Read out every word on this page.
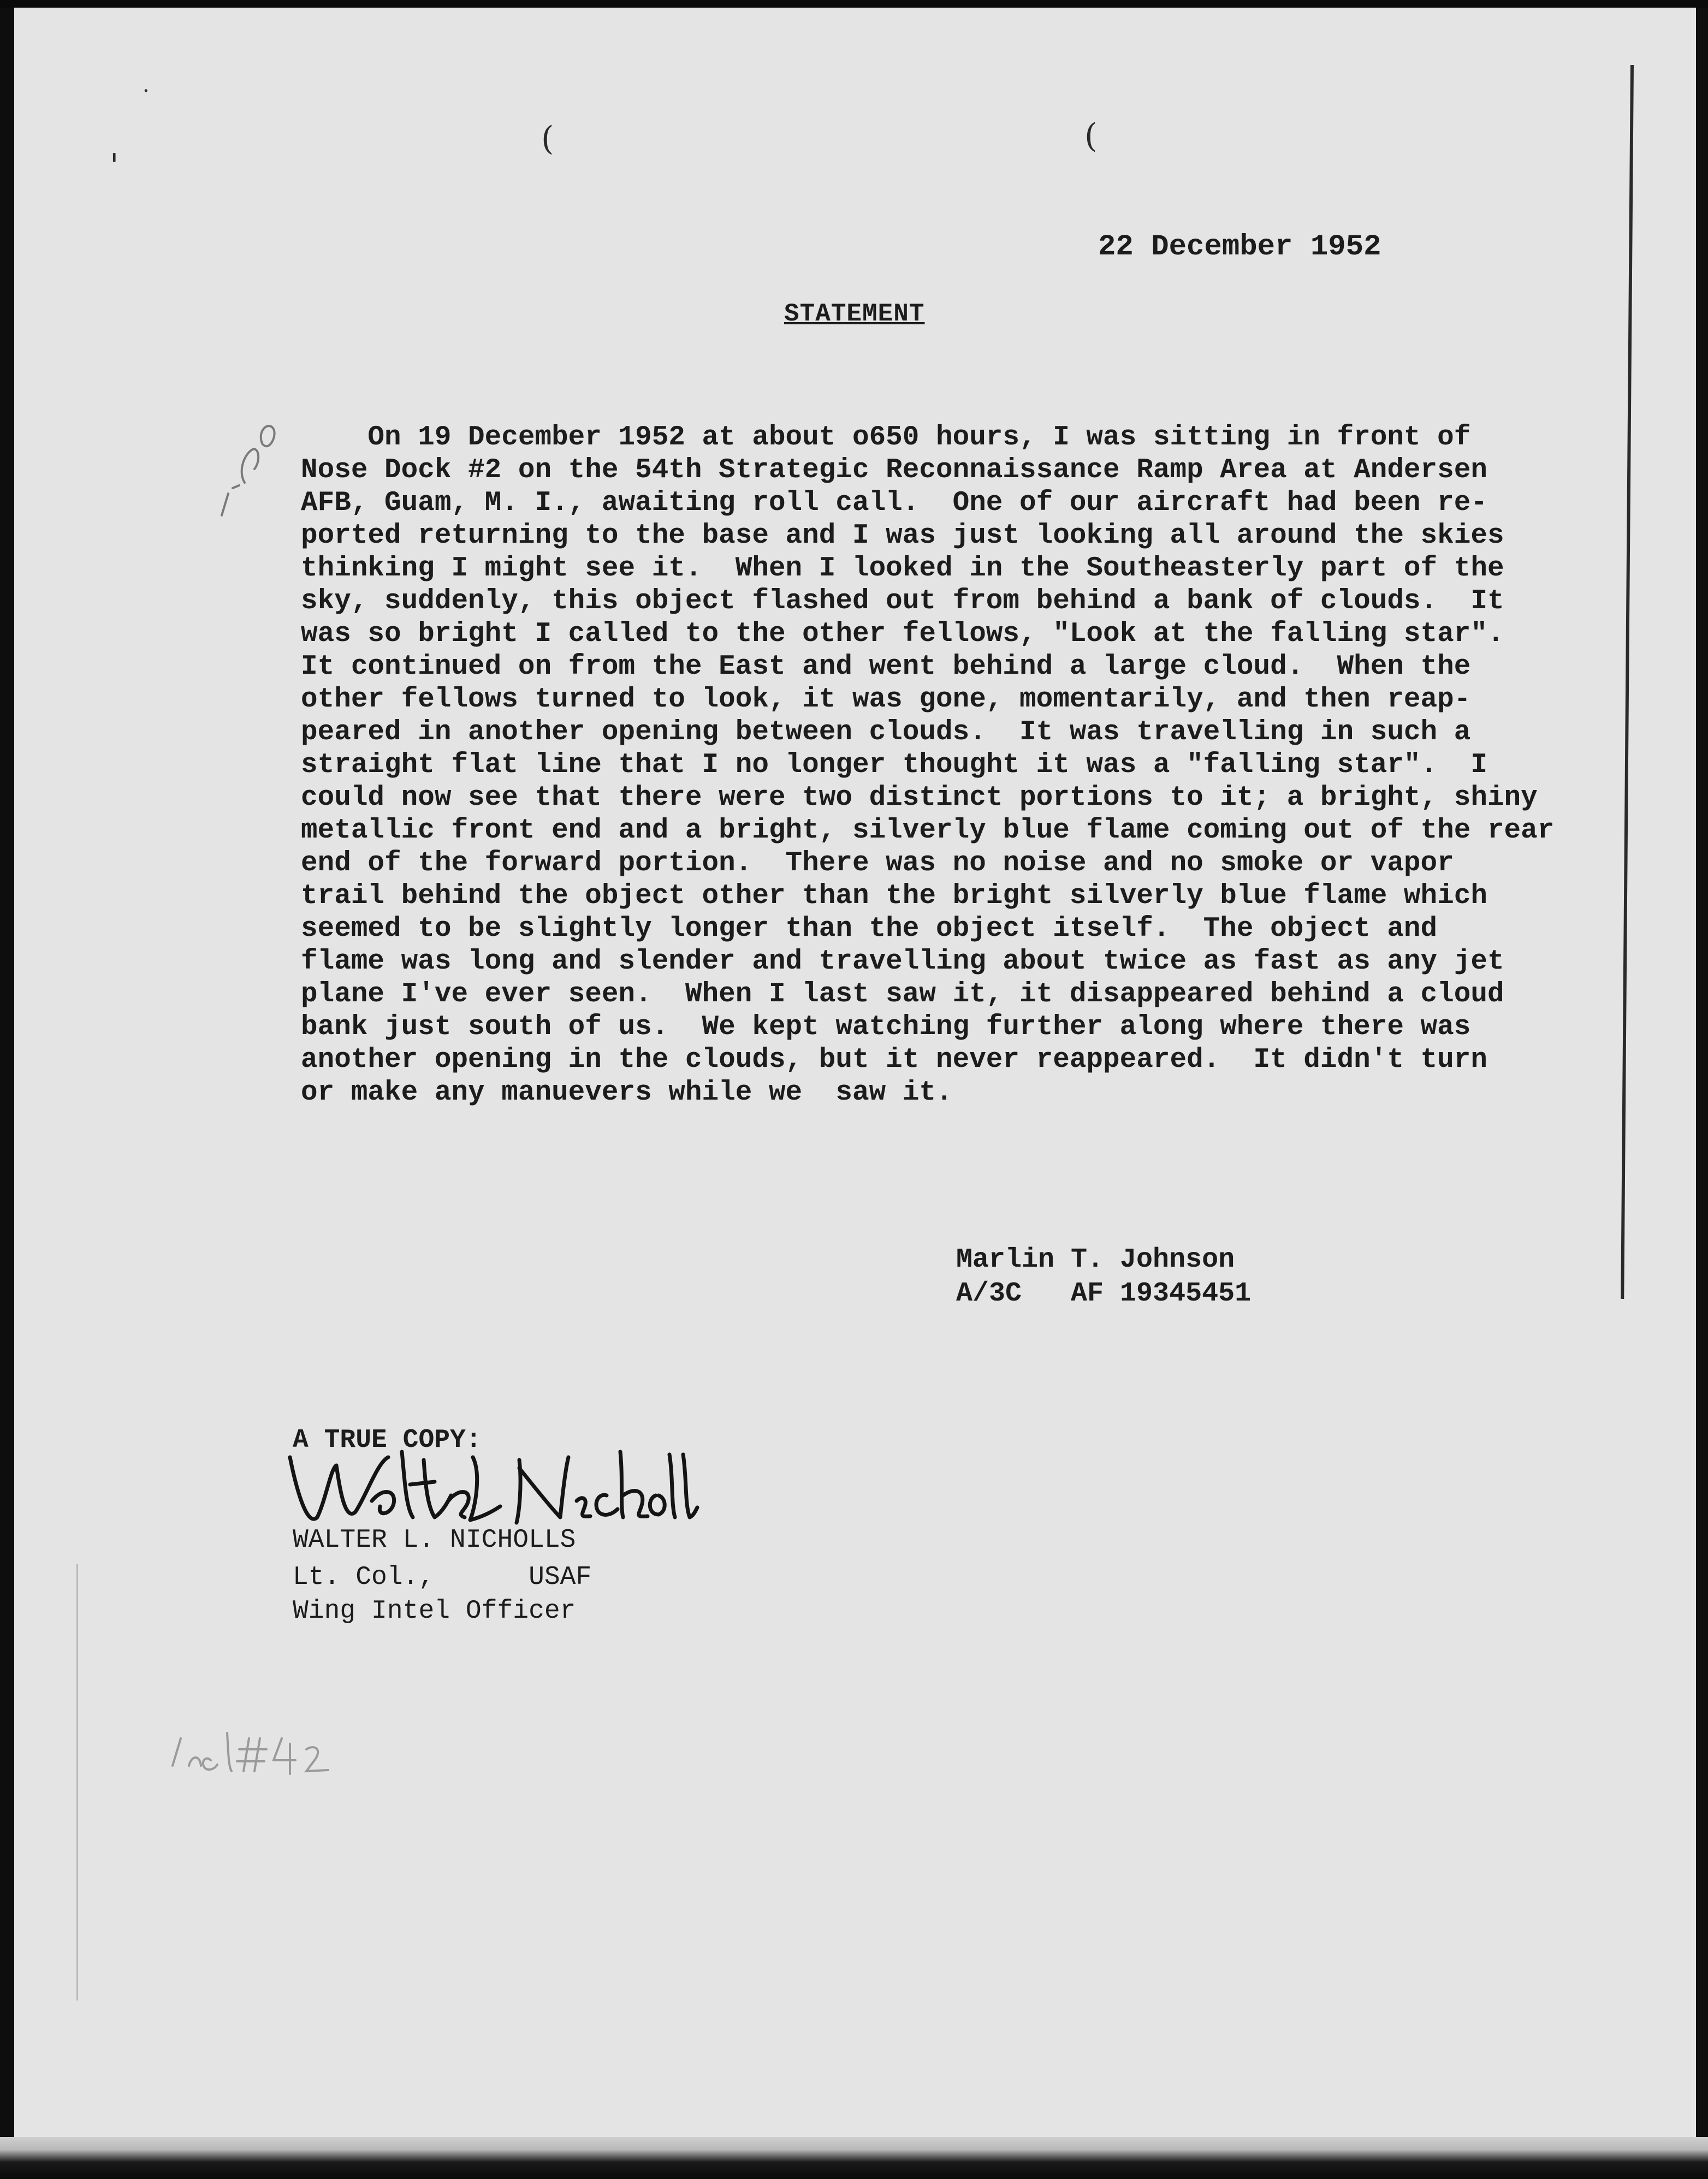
'
(	(
·
22 December 1952
STATEMENT
On 19 December 1952 at about o650 hours, I was sitting in front of
Nose Dock #2 on the 54th Strategic Reconnaissance Ramp Area at Andersen
AFB, Guam, M. I., awaiting roll call.  One of our aircraft had been re-
ported returning to the base and I was just looking all around the skies
thinking I might see it.  When I looked in the Southeasterly part of the
sky, suddenly, this object flashed out from behind a bank of clouds.  It
was so bright I called to the other fellows, "Look at the falling star".
It continued on from the East and went behind a large cloud.  When the
other fellows turned to look, it was gone, momentarily, and then reap-
peared in another opening between clouds.  It was travelling in such a
straight flat line that I no longer thought it was a "falling star".  I
could now see that there were two distinct portions to it; a bright, shiny
metallic front end and a bright, silverly blue flame coming out of the rear
end of the forward portion.  There was no noise and no smoke or vapor
trail behind the object other than the bright silverly blue flame which
seemed to be slightly longer than the object itself.  The object and
flame was long and slender and travelling about twice as fast as any jet
plane I've ever seen.  When I last saw it, it disappeared behind a cloud
bank just south of us.  We kept watching further along where there was
another opening in the clouds, but it never reappeared.  It didn't turn
or make any manuevers while we  saw it.
Marlin T. Johnson
A/3C   AF 19345451
A TRUE COPY:
WALTER L. NICHOLLS
Lt. Col.,      USAF
Wing Intel Officer
